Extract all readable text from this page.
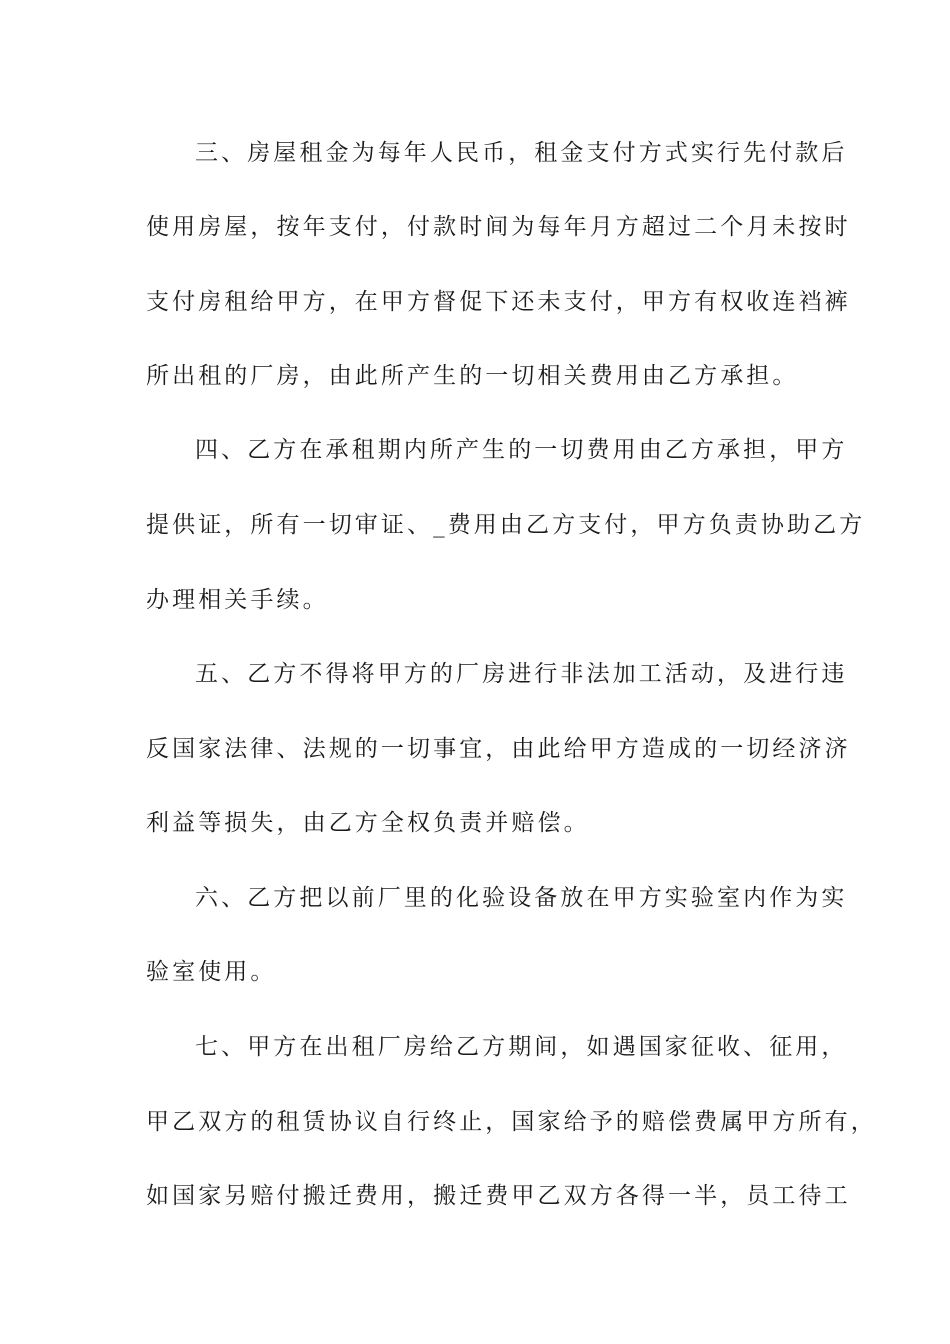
三、房屋租金为每年人民币，租金支付方式实行先付款后
使用房屋，按年支付，付款时间为每年月方超过二个月未按时
支付房租给甲方，在甲方督促下还未支付，甲方有权收连裆裤
所出租的厂房，由此所产生的一切相关费用由乙方承担。
四、乙方在承租期内所产生的一切费用由乙方承担，甲方
提供证，所有一切审证、_费用由乙方支付，甲方负责协助乙方
办理相关手续。
五、乙方不得将甲方的厂房进行非法加工活动，及进行违
反国家法律、法规的一切事宜，由此给甲方造成的一切经济济
利益等损失，由乙方全权负责并赔偿。
六、乙方把以前厂里的化验设备放在甲方实验室内作为实
验室使用。
七、甲方在出租厂房给乙方期间，如遇国家征收、征用，
甲乙双方的租赁协议自行终止，国家给予的赔偿费属甲方所有，
如国家另赔付搬迁费用，搬迁费甲乙双方各得一半，员工待工
